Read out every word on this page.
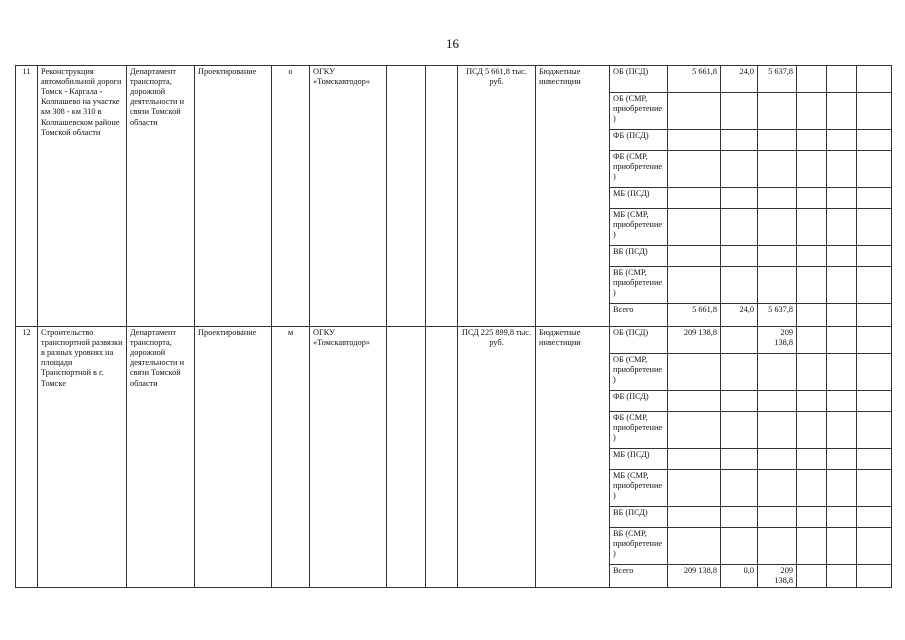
16
11	Реконструкция автомобильной дороги Томск - Каргала - Колпашево на участке км 308 - км 310 в Колпашевском районе Томской области	Департамент транспорта, дорожной деятельности и связи Томской области	Проектирование	о	ОГКУ «Томскавтодор»			ПСД 5 661,8 тыс. руб.	Бюджетные инвестиции	ОБ (ПСД)	5 661,8	24,0	5 637,8			
										ОБ (СМР, приобретение)						
										ФБ (ПСД)						
										ФБ (СМР, приобретение)						
										МБ (ПСД)						
										МБ (СМР, приобретение)						
										ВБ (ПСД)						
										ВБ (СМР, приобретение)						
										Всего	5 661,8	24,0	5 637,8			
12	Строительство транспортной развязки в разных уровнях на площади Транспортной в г. Томске	Департамент транспорта, дорожной деятельности и связи Томской области	Проектирование	м	ОГКУ «Томскавтодор»			ПСД 225 899,8 тыс. руб.	Бюджетные инвестиции	ОБ (ПСД)	209 138,8		209 138,8			
										ОБ (СМР, приобретение)						
										ФБ (ПСД)						
										ФБ (СМР, приобретение)						
										МБ (ПСД)						
										МБ (СМР, приобретение)						
										ВБ (ПСД)						
										ВБ (СМР, приобретение)						
										Всего	209 138,8	0,0	209 138,8			
